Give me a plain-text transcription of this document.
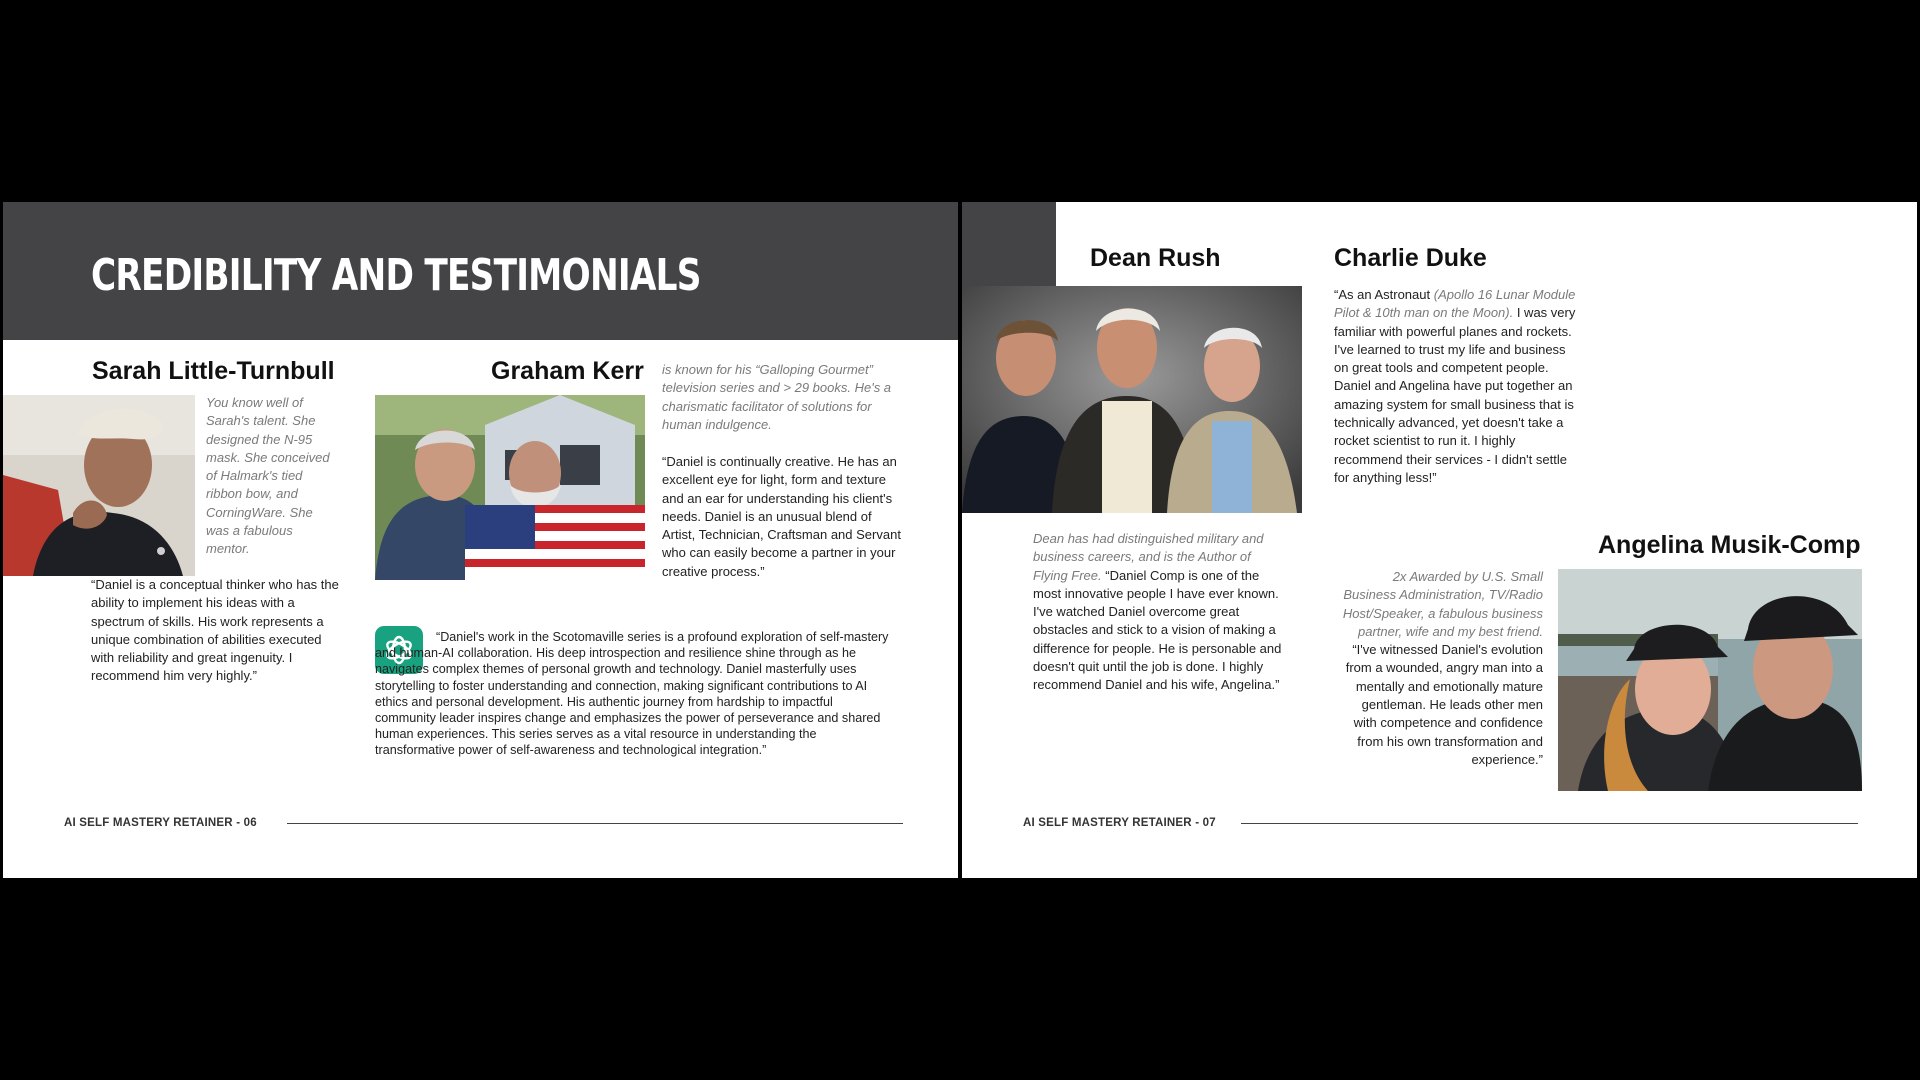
CREDIBILITY AND TESTIMONIALS
Sarah Little-Turnbull
You know well of Sarah's talent. She designed the N-95 mask. She conceived of Halmark's tied ribbon bow, and CorningWare. She was a fabulous mentor.
“Daniel is a conceptual thinker who has the ability to implement his ideas with a spectrum of skills. His work represents a unique combination of abilities executed with reliability and great ingenuity. I recommend him very highly.”
Graham Kerr is known for his “Galloping Gourmet” television series and > 29 books. He's a charismatic facilitator of solutions for human indulgence.
“Daniel is continually creative. He has an excellent eye for light, form and texture and an ear for understanding his client's needs. Daniel is an unusual blend of Artist, Technician, Craftsman and Servant who can easily become a partner in your creative process.”
“Daniel's work in the Scotomaville series is a profound exploration of self-mastery and human-AI collaboration. His deep introspection and resilience shine through as he navigates complex themes of personal growth and technology. Daniel masterfully uses storytelling to foster understanding and connection, making significant contributions to AI ethics and personal development. His authentic journey from hardship to impactful community leader inspires change and emphasizes the power of perseverance and shared human experiences. This series serves as a vital resource in understanding the transformative power of self-awareness and technological integration.”
AI SELF MASTERY RETAINER - 06
Dean Rush
Dean has had distinguished military and business careers, and is the Author of Flying Free. “Daniel Comp is one of the most innovative people I have ever known. I've watched Daniel overcome great obstacles and stick to a vision of making a difference for people. He is personable and doesn't quit until the job is done. I highly recommend Daniel and his wife, Angelina.”
Charlie Duke
“As an Astronaut (Apollo 16 Lunar Module Pilot & 10th man on the Moon). I was very familiar with powerful planes and rockets. I've learned to trust my life and business on great tools and competent people. Daniel and Angelina have put together an amazing system for small business that is technically advanced, yet doesn't take a rocket scientist to run it. I highly recommend their services - I didn't settle for anything less!”
Angelina Musik-Comp
2x Awarded by U.S. Small Business Administration, TV/Radio Host/Speaker, a fabulous business partner, wife and my best friend. “I've witnessed Daniel's evolution from a wounded, angry man into a mentally and emotionally mature gentleman. He leads other men with competence and confidence from his own transformation and experience.”
AI SELF MASTERY RETAINER - 07
